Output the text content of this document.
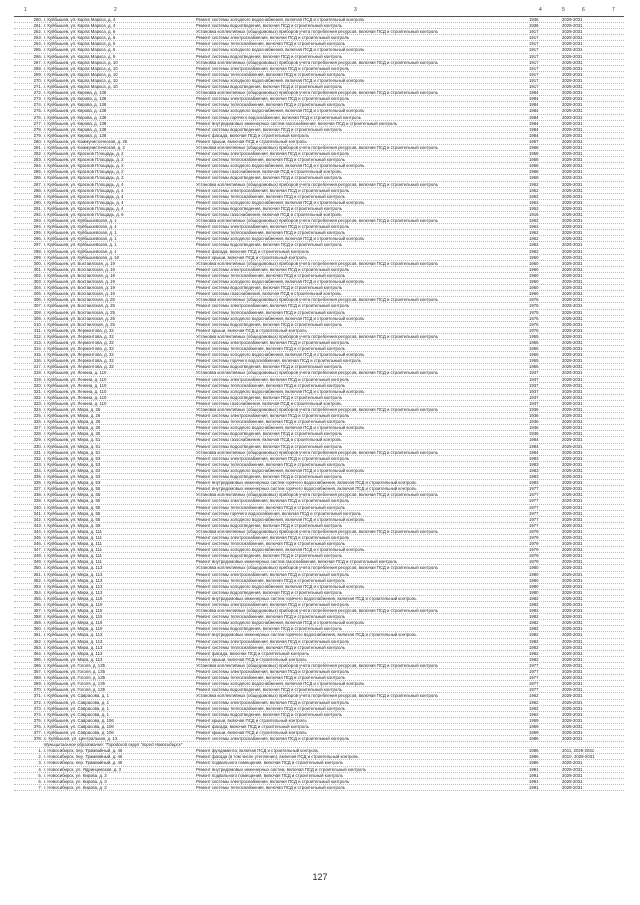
1	2	3	4	5	6	7
260. г. Куйбышев, ул. Карла Маркса, д. 4	Ремонт системы холодного водоснабжения, включая ПСД и строительный контроль	1936	2029-2031
261. г. Куйбышев, ул. Карла Маркса, д. 4	Ремонт системы водоотведения, включая ПСД и строительный контроль	1936	2029-2031
262. г. Куйбышев, ул. Карла Маркса, д. 6	Установка коллективных (общедомовых) приборов учета потребления ресурсов, включая ПСД и строительный контроль	1917	2029-2031
263. г. Куйбышев, ул. Карла Маркса, д. 6	Ремонт системы электроснабжения, включая ПСД и строительный контроль	1917	2029-2031
264. г. Куйбышев, ул. Карла Маркса, д. 6	Ремонт системы теплоснабжения, включая ПСД и строительный контроль	1917	2029-2031
265. г. Куйбышев, ул. Карла Маркса, д. 6	Ремонт системы холодного водоснабжения, включая ПСД и строительный контроль	1917	2029-2031
266. г. Куйбышев, ул. Карла Маркса, д. 6	Ремонт системы водоотведения, включая ПСД и строительный контроль	1917	2029-2031
267. г. Куйбышев, ул. Карла Маркса, д. 10	Установка коллективных (общедомовых) приборов учета потребления ресурсов, включая ПСД и строительный контроль	1917	2029-2031
268. г. Куйбышев, ул. Карла Маркса, д. 10	Ремонт системы электроснабжения, включая ПСД и строительный контроль	1917	2029-2031
269. г. Куйбышев, ул. Карла Маркса, д. 10	Ремонт системы теплоснабжения, включая ПСД и строительный контроль	1917	2029-2031
270. г. Куйбышев, ул. Карла Маркса, д. 10	Ремонт системы холодного водоснабжения, включая ПСД и строительный контроль	1917	2029-2031
271. г. Куйбышев, ул. Карла Маркса, д. 10	Ремонт системы водоотведения, включая ПСД и строительный контроль	1917	2029-2031
272. г. Куйбышев, ул. Кирова, д. 138	Установка коллективных (общедомовых) приборов учета потребления ресурсов, включая ПСД и строительный контроль	1984	2029-2031
273. г. Куйбышев, ул. Кирова, д. 138	Ремонт системы электроснабжения, включая ПСД и строительный контроль	1984	2029-2031
274. г. Куйбышев, ул. Кирова, д. 138	Ремонт системы теплоснабжения, включая ПСД и строительный контроль	1984	2029-2031
275. г. Куйбышев, ул. Кирова, д. 138	Ремонт системы холодного водоснабжения, включая ПСД и строительный контроль	1984	2029-2031
276. г. Куйбышев, ул. Кирова, д. 138	Ремонт системы горячего водоснабжения, включая ПСД и строительный контроль	1984	2029-2031
277. г. Куйбышев, ул. Кирова, д. 138	Ремонт внутридомовых инженерных систем газоснабжения, включая ПСД и строительный контроль	1984	2029-2031
278. г. Куйбышев, ул. Кирова, д. 138	Ремонт системы водоотведения, включая ПСД и строительный контроль	1984	2029-2031
279. г. Куйбышев, ул. Кирова, д. 138	Ремонт фасада, включая ПСД и строительный контроль	1984	2029-2031
280. г. Куйбышев, ул. Коммунистическая, д. 26	Ремонт крыши, включая ПСД и строительный контроль	1957	2029-2031
281. г. Куйбышев, ул. Коммунистическая, д. 2	Установка коллективных (общедомовых) приборов учета потребления ресурсов, включая ПСД и строительный контроль	1958	2029-2031
282. г. Куйбышев, ул. Краснов Площадь, д. 2	Ремонт системы электроснабжения, включая ПСД и строительный контроль	1958	2029-2031
283. г. Куйбышев, ул. Краснов Площадь, д. 2	Ремонт системы теплоснабжения, включая ПСД и строительный контроль	1958	2029-2031
284. г. Куйбышев, ул. Краснов Площадь, д. 2	Ремонт системы холодного водоснабжения, включая ПСД и строительный контроль	1958	2029-2031
285. г. Куйбышев, ул. Краснов Площадь, д. 2	Ремонт системы газоснабжения, включая ПСД и строительный контроль	1958	2029-2031
286. г. Куйбышев, ул. Краснов Площадь, д. 2	Ремонт системы водоотведения, включая ПСД и строительный контроль	1958	2029-2031
287. г. Куйбышев, ул. Краснов Площадь, д. 4	Установка коллективных (общедомовых) приборов учета потребления ресурсов, включая ПСД и строительный контроль	1952	2029-2031
288. г. Куйбышев, ул. Краснов Площадь, д. 4	Ремонт системы электроснабжения, включая ПСД и строительный контроль	1952	2029-2031
289. г. Куйбышев, ул. Краснов Площадь, д. 4	Ремонт системы теплоснабжения, включая ПСД и строительный контроль	1952	2029-2031
290. г. Куйбышев, ул. Краснов Площадь, д. 4	Ремонт системы холодного водоснабжения, включая ПСД и строительный контроль	1952	2029-2031
291. г. Куйбышев, ул. Краснов Площадь, д. 4	Ремонт системы водоотведения, включая ПСД и строительный контроль	1952	2029-2031
292. г. Куйбышев, ул. Краснов Площадь, д. 6	Ремонт системы газоснабжения, включая ПСД и строительный контроль	1915	2029-2031
293. г. Куйбышев, ул. Куйбышевская, д. 1	Установка коллективных (общедомовых) приборов учета потребления ресурсов, включая ПСД и строительный контроль	1962	2029-2031
294. г. Куйбышев, ул. Куйбышевская, д. 1	Ремонт системы электроснабжения, включая ПСД и строительный контроль	1962	2029-2031
295. г. Куйбышев, ул. Куйбышевская, д. 1	Ремонт системы теплоснабжения, включая ПСД и строительный контроль	1962	2029-2031
296. г. Куйбышев, ул. Куйбышевская, д. 1	Ремонт системы холодного водоснабжения, включая ПСД и строительный контроль	1962	2029-2031
297. г. Куйбышев, ул. Куйбышевская, д. 1	Ремонт системы водоотведения, включая ПСД и строительный контроль	1962	2029-2031
298. г. Куйбышев, ул. Куйбышевская, д. 1	Ремонт фасада, включая ПСД и строительный контроль	1962	2029-2031
299. г. Куйбышев, ул. Куйбышевская, д. 10	Ремонт крыши, включая ПСД и строительный контроль	1960	2029-2031
300. г. Куйбышев, ул. Бохтаилская, д. 19	Установка коллективных (общедомовых) приборов учета потребления ресурсов, включая ПСД и строительный контроль	1960	2029-2031
301. г. Куйбышев, ул. Бохтаилская, д. 19	Ремонт системы электроснабжения, включая ПСД и строительный контроль	1960	2029-2031
302. г. Куйбышев, ул. Бохтаилская, д. 19	Ремонт системы теплоснабжения, включая ПСД и строительный контроль	1960	2029-2031
303. г. Куйбышев, ул. Бохтаилская, д. 19	Ремонт системы холодного водоснабжения, включая ПСД и строительный контроль	1960	2029-2031
304. г. Куйбышев, ул. Бохтаилская, д. 19	Ремонт системы водоотведения, включая ПСД и строительный контроль	1960	2029-2031
305. г. Куйбышев, ул. Бохтаилская, д. 19	Ремонт системы газоснабжения, включая ПСД и строительный контроль	1960	2029-2031
306. г. Куйбышев, ул. Бохтаилская, д. 25	Установка коллективных (общедомовых) приборов учета потребления ресурсов, включая ПСД и строительный контроль	1975	2029-2031
307. г. Куйбышев, ул. Бохтаилская, д. 25	Ремонт системы электроснабжения, включая ПСД и строительный контроль	1975	2029-2031
308. г. Куйбышев, ул. Бохтаилская, д. 25	Ремонт системы теплоснабжения, включая ПСД и строительный контроль	1975	2029-2031
309. г. Куйбышев, ул. Бохтаилская, д. 25	Ремонт системы холодного водоснабжения, включая ПСД и строительный контроль	1975	2029-2031
310. г. Куйбышев, ул. Бохтаилская, д. 25	Ремонт системы водоотведения, включая ПСД и строительный контроль	1975	2029-2031
311. г. Куйбышев, ул. Лермонтова, д. 32	Ремонт крыши, включая ПСД и строительный контроль	1975	2029-2031
312. г. Куйбышев, ул. Лермонтова, д. 32	Установка коллективных (общедомовых) приборов учета потребления ресурсов, включая ПСД и строительный контроль	1955	2029-2031
313. г. Куйбышев, ул. Лермонтова, д. 32	Ремонт системы электроснабжения, включая ПСД и строительный контроль	1955	2029-2031
314. г. Куйбышев, ул. Лермонтова, д. 32	Ремонт системы теплоснабжения, включая ПСД и строительный контроль	1955	2029-2031
315. г. Куйбышев, ул. Лермонтова, д. 32	Ремонт системы холодного водоснабжения, включая ПСД и строительный контроль	1955	2029-2031
316. г. Куйбышев, ул. Лермонтова, д. 32	Ремонт системы горячего водоснабжения, включая ПСД и строительный контроль	1955	2029-2031
317. г. Куйбышев, ул. Лермонтова, д. 32	Ремонт системы водоотведения, включая ПСД и строительный контроль	1955	2029-2031
318. г. Куйбышев, ул. Ленина, д. 110	Установка коллективных (общедомовых) приборов учета потребления ресурсов, включая ПСД и строительный контроль	1937	2029-2031
319. г. Куйбышев, ул. Ленина, д. 110	Ремонт системы электроснабжения, включая ПСД и строительный контроль	1937	2029-2031
320. г. Куйбышев, ул. Ленина, д. 110	Ремонт системы теплоснабжения, включая ПСД и строительный контроль	1937	2029-2031
321. г. Куйбышев, ул. Ленина, д. 110	Ремонт системы холодного водоснабжения, включая ПСД и строительный контроль	1937	2029-2031
322. г. Куйбышев, ул. Ленина, д. 110	Ремонт системы водоотведения, включая ПСД и строительный контроль	1937	2029-2031
323. г. Куйбышев, ул. Ленина, д. 110	Ремонт системы газоснабжения, включая ПСД и строительный контроль	1937	2029-2031
324. г. Куйбышев, ул. Мира, д. 26	Установка коллективных (общедомовых) приборов учета потребления ресурсов, включая ПСД и строительный контроль	1936	2029-2031
325. г. Куйбышев, ул. Мира, д. 26	Ремонт системы электроснабжения, включая ПСД и строительный контроль	1936	2029-2031
326. г. Куйбышев, ул. Мира, д. 26	Ремонт системы теплоснабжения, включая ПСД и строительный контроль	1936	2029-2031
327. г. Куйбышев, ул. Мира, д. 26	Ремонт системы холодного водоснабжения, включая ПСД и строительный контроль	1936	2029-2031
328. г. Куйбышев, ул. Мира, д. 26	Ремонт системы водоотведения, включая ПСД и строительный контроль	1936	2029-2031
329. г. Куйбышев, ул. Мира, д. 51	Ремонт системы газоснабжения, включая ПСД и строительный контроль	1984	2029-2031
330. г. Куйбышев, ул. Мира, д. 51	Ремонт системы водоотведения, включая ПСД и строительный контроль	1984	2029-2031
331. г. Куйбышев, ул. Мира, д. 51	Установка коллективных (общедомовых) приборов учета потребления ресурсов, включая ПСД и строительный контроль	1984	2029-2031
332. г. Куйбышев, ул. Мира, д. 53	Ремонт системы электроснабжения, включая ПСД и строительный контроль	1983	2029-2031
333. г. Куйбышев, ул. Мира, д. 53	Ремонт системы теплоснабжения, включая ПСД и строительный контроль	1983	2029-2031
334. г. Куйбышев, ул. Мира, д. 53	Ремонт системы холодного водоснабжения, включая ПСД и строительный контроль	1983	2029-2031
335. г. Куйбышев, ул. Мира, д. 53	Ремонт системы водоотведения, включая ПСД и строительный контроль	1983	2029-2031
336. г. Куйбышев, ул. Мира, д. 53	Ремонт внутридомовых инженерных систем горячего водоснабжения, включая ПСД и строительный контроль	1983	2029-2031
337. г. Куйбышев, ул. Мира, д. 55	Ремонт внутридомовых инженерных систем горячего водоснабжения, включая ПСД и строительный контроль	1977	2029-2031
338. г. Куйбышев, ул. Мира, д. 55	Установка коллективных (общедомовых) приборов учета потребления ресурсов, включая ПСД и строительный контроль	1977	2029-2031
339. г. Куйбышев, ул. Мира, д. 55	Ремонт системы электроснабжения, включая ПСД и строительный контроль	1977	2029-2031
340. г. Куйбышев, ул. Мира, д. 55	Ремонт системы теплоснабжения, включая ПСД и строительный контроль	1977	2029-2031
341. г. Куйбышев, ул. Мира, д. 55	Ремонт системы горячего водоснабжения, включая ПСД и строительный контроль	1977	2029-2031
342. г. Куйбышев, ул. Мира, д. 55	Ремонт системы холодного водоснабжения, включая ПСД и строительный контроль	1977	2029-2031
343. г. Куйбышев, ул. Мира, д. 55	Ремонт системы водоотведения, включая ПСД и строительный контроль	1977	2029-2031
344. г. Куйбышев, ул. Мира, д. 111	Установка коллективных (общедомовых) приборов учета потребления ресурсов, включая ПСД и строительный контроль	1979	2029-2031
345. г. Куйбышев, ул. Мира, д. 111	Ремонт системы электроснабжения, включая ПСД и строительный контроль	1979	2029-2031
346. г. Куйбышев, ул. Мира, д. 111	Ремонт системы теплоснабжения, включая ПСД и строительный контроль	1979	2029-2031
347. г. Куйбышев, ул. Мира, д. 111	Ремонт системы холодного водоснабжения, включая ПСД и строительный контроль	1979	2029-2031
348. г. Куйбышев, ул. Мира, д. 111	Ремонт системы водоотведения, включая ПСД и строительный контроль	1979	2029-2031
349. г. Куйбышев, ул. Мира, д. 111	Ремонт внутридомовых инженерных систем газоснабжения, включая ПСД и строительный контроль	1979	2029-2031
350. г. Куйбышев, ул. Мира, д. 113	Установка коллективных (общедомовых) приборов учета потребления ресурсов, включая ПСД и строительный контроль	1980	2029-2031
351. г. Куйбышев, ул. Мира, д. 113	Ремонт системы электроснабжения, включая ПСД и строительный контроль	1980	2029-2031
352. г. Куйбышев, ул. Мира, д. 113	Ремонт системы теплоснабжения, включая ПСД и строительный контроль	1980	2029-2031
353. г. Куйбышев, ул. Мира, д. 113	Ремонт системы холодного водоснабжения, включая ПСД и строительный контроль	1980	2029-2031
354. г. Куйбышев, ул. Мира, д. 113	Ремонт системы водоотведения, включая ПСД и строительный контроль	1980	2029-2031
355. г. Куйбышев, ул. Мира, д. 115	Ремонт внутридомовых инженерных систем горячего водоснабжения, включая ПСД и строительный контроль	1982	2029-2031
356. г. Куйбышев, ул. Мира, д. 115	Ремонт системы электроснабжения, включая ПСД и строительный контроль	1982	2029-2031
357. г. Куйбышев, ул. Мира, д. 115	Установка коллективных (общедомовых) приборов учета потребления ресурсов, включая ПСД и строительный контроль	1982	2029-2031
358. г. Куйбышев, ул. Мира, д. 115	Ремонт системы теплоснабжения, включая ПСД и строительный контроль	1982	2029-2031
359. г. Куйбышев, ул. Мира, д. 115	Ремонт системы холодного водоснабжения, включая ПСД и строительный контроль	1982	2029-2031
360. г. Куйбышев, ул. Мира, д. 115	Ремонт системы водоотведения, включая ПСД и строительный контроль	1982	2029-2031
361. г. Куйбышев, ул. Мира, д. 113	Ремонт внутридомовых инженерных систем горячего водоснабжения, включая ПСД и строительный контроль	1982	2029-2031
362. г. Куйбышев, ул. Мира, д. 113	Ремонт системы электроснабжения, включая ПСД и строительный контроль	1982	2029-2031
363. г. Куйбышев, ул. Мира, д. 113	Ремонт системы теплоснабжения, включая ПСД и строительный контроль	1982	2029-2031
364. г. Куйбышев, ул. Мира, д. 113	Ремонт фасада, включая ПСД и строительный контроль	1982	2029-2031
365. г. Куйбышев, ул. Мира, д. 113	Ремонт крыши, включая ПСД и строительный контроль	1982	2029-2031
366. г. Куйбышев, ул. Гоголя, д. 135	Установка коллективных (общедомовых) приборов учета потребления ресурсов, включая ПСД и строительный контроль	1977	2029-2031
367. г. Куйбышев, ул. Гоголя, д. 135	Ремонт системы электроснабжения, включая ПСД и строительный контроль	1977	2029-2031
368. г. Куйбышев, ул. Гоголя, д. 135	Ремонт системы теплоснабжения, включая ПСД и строительный контроль	1977	2029-2031
369. г. Куйбышев, ул. Гоголя, д. 135	Ремонт системы холодного водоснабжения, включая ПСД и строительный контроль	1977	2029-2031
370. г. Куйбышев, ул. Гоголя, д. 135	Ремонт системы водоотведения, включая ПСД и строительный контроль	1977	2029-2031
371. г. Куйбышев, ул. Саврасова, д. 1	Установка коллективных (общедомовых) приборов учета потребления ресурсов, включая ПСД и строительный контроль	1962	2029-2031
372. г. Куйбышев, ул. Саврасова, д. 1	Ремонт системы электроснабжения, включая ПСД и строительный контроль	1962	2029-2031
373. г. Куйбышев, ул. Саврасова, д. 1	Ремонт системы теплоснабжения, включая ПСД и строительный контроль	1962	2029-2031
374. г. Куйбышев, ул. Саврасова, д. 1	Ремонт системы водоотведения, включая ПСД и строительный контроль	1962	2029-2031
375. г. Куйбышев, ул. Саврасова, д. 106	Ремонт крыши, включая ПСД и строительный контроль	1959	2029-2031
376. г. Куйбышев, ул. Саврасова, д. 106	Ремонт фасада, включая ПСД и строительный контроль	1959	2029-2031
377. г. Куйбышев, ул. Саврасова, д. 106	Ремонт крыши, включая ПСД и строительный контроль	1959	2029-2031
378. с. Куйбышев, ул. Центральная, д. 13	Ремонт системы электроснабжения, включая ПСД и строительный контроль	1986	2029-2031
Муниципальное образование: "Городской округ "город Новосибирск"
1. г. Новосибирск, пер. Трамвайный, д. 45	Ремонт фундамента, включая ПСД и строительный контроль	1986	2011, 2029-2031
2. г. Новосибирск, пер. Трамвайный, д. 45	Ремонт фасада (в том числе утепление), включая ПСД и строительный контроль	1986	2010, 2029-2031
3. г. Новосибирск, пер. Трамвайный, д. 45	Ремонт подвального помещения, включая ПСД и строительный контроль	1986	2029-2031
4. г. Новосибирск, ул. Ядринцевская, д. 3	Ремонт внутридомовых инженерных систем, включая ПСД и строительный контроль	1991	2029-2031
5. г. Новосибирск, ул. Кирова, д. 3	Ремонт подвального помещения, включая ПСД и строительный контроль	1991	2029-2031
6. г. Новосибирск, ул. Кирова, д. 3	Ремонт системы электроснабжения, включая ПСД и строительный контроль	1991	2029-2031
7. г. Новосибирск, ул. Кирова, д. 3	Ремонт системы теплоснабжения, включая ПСД и строительный контроль	1991	2029-2031
127
